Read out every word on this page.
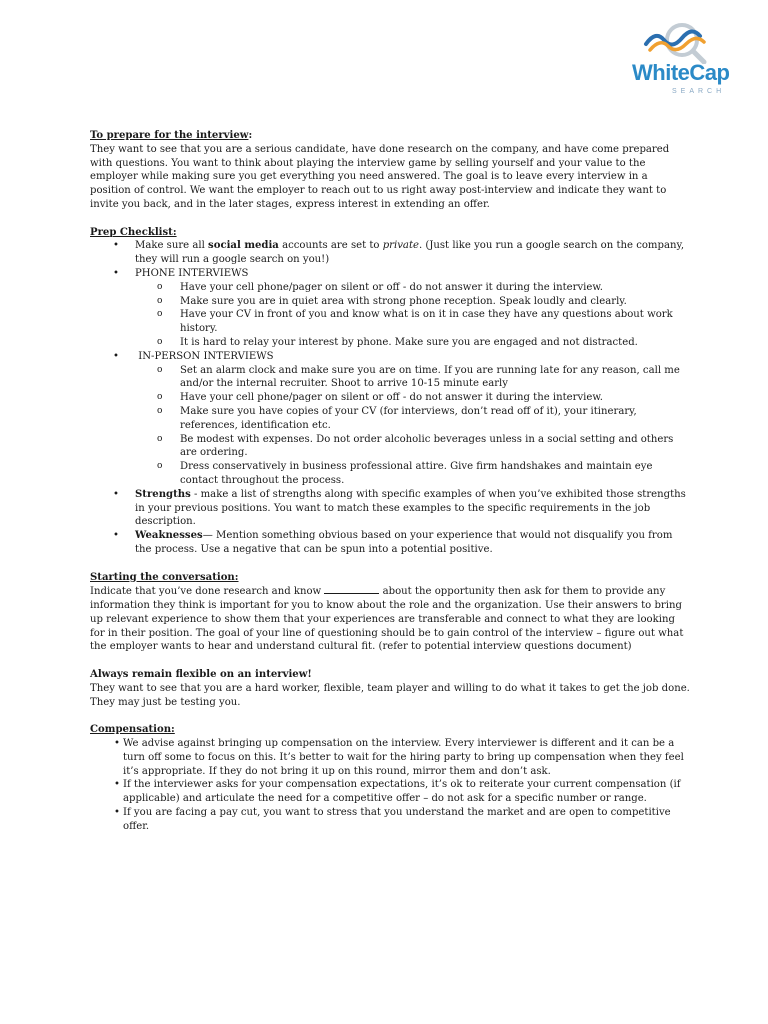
WhiteCap
SEARCH

To prepare for the interview:

They want to see that you are a serious candidate, have done research on the company, and have come prepared with questions. You want to think about playing the interview game by selling yourself and your value to the employer while making sure you get everything you need answered. The goal is to leave every interview in a position of control. We want the employer to reach out to us right away post-interview and indicate they want to invite you back, and in the later stages, express interest in extending an offer.

Prep Checklist:

• Make sure all social media accounts are set to private. (Just like you run a google search on the company, they will run a google search on you!)
• PHONE INTERVIEWS
o Have your cell phone/pager on silent or off - do not answer it during the interview.
o Make sure you are in quiet area with strong phone reception. Speak loudly and clearly.
o Have your CV in front of you and know what is on it in case they have any questions about work history.
o It is hard to relay your interest by phone. Make sure you are engaged and not distracted.
• IN-PERSON INTERVIEWS
o Set an alarm clock and make sure you are on time. If you are running late for any reason, call me and/or the internal recruiter. Shoot to arrive 10-15 minute early
o Have your cell phone/pager on silent or off - do not answer it during the interview.
o Make sure you have copies of your CV (for interviews, don’t read off of it), your itinerary, references, identification etc.
o Be modest with expenses. Do not order alcoholic beverages unless in a social setting and others are ordering.
o Dress conservatively in business professional attire. Give firm handshakes and maintain eye contact throughout the process.
• Strengths - make a list of strengths along with specific examples of when you’ve exhibited those strengths in your previous positions. You want to match these examples to the specific requirements in the job description.
• Weaknesses— Mention something obvious based on your experience that would not disqualify you from the process. Use a negative that can be spun into a potential positive.

Starting the conversation:

Indicate that you’ve done research and know	about the opportunity then ask for them to provide any information they think is important for you to know about the role and the organization. Use their answers to bring up relevant experience to show them that your experiences are transferable and connect to what they are looking for in their position. The goal of your line of questioning should be to gain control of the interview – figure out what the employer wants to hear and understand cultural fit. (refer to potential interview questions document)

Always remain flexible on an interview!

They want to see that you are a hard worker, flexible, team player and willing to do what it takes to get the job done. They may just be testing you.

Compensation:

• We advise against bringing up compensation on the interview. Every interviewer is different and it can be a turn off some to focus on this. It’s better to wait for the hiring party to bring up compensation when they feel it’s appropriate. If they do not bring it up on this round, mirror them and don’t ask.
• If the interviewer asks for your compensation expectations, it’s ok to reiterate your current compensation (if applicable) and articulate the need for a competitive offer – do not ask for a specific number or range.
• If you are facing a pay cut, you want to stress that you understand the market and are open to competitive offer.
